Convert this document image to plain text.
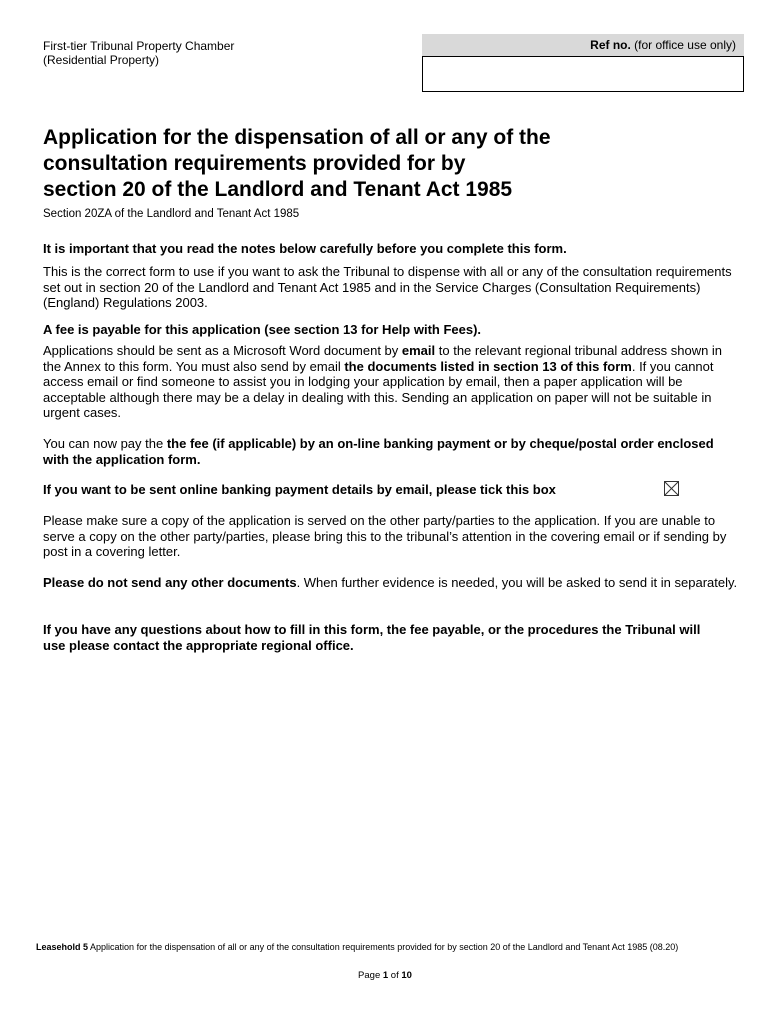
First-tier Tribunal Property Chamber
(Residential Property)
Ref no. (for office use only)
Application for the dispensation of all or any of the
consultation requirements provided for by
section 20 of the Landlord and Tenant Act 1985
Section 20ZA of the Landlord and Tenant Act 1985

It is important that you read the notes below carefully before you complete this form.

This is the correct form to use if you want to ask the Tribunal to dispense with all or any of the consultation requirements set out in section 20 of the Landlord and Tenant Act 1985 and in the Service Charges (Consultation Requirements)(England) Regulations 2003.

A fee is payable for this application (see section 13 for Help with Fees).

Applications should be sent as a Microsoft Word document by email to the relevant regional tribunal address shown in the Annex to this form. You must also send by email the documents listed in section 13 of this form. If you cannot access email or find someone to assist you in lodging your application by email, then a paper application will be acceptable although there may be a delay in dealing with this. Sending an application on paper will not be suitable in urgent cases.

You can now pay the the fee (if applicable) by an on-line banking payment or by cheque/postal order enclosed with the application form.

If you want to be sent online banking payment details by email, please tick this box

Please make sure a copy of the application is served on the other party/parties to the application. If you are unable to serve a copy on the other party/parties, please bring this to the tribunal’s attention in the covering email or if sending by post in a covering letter.

Please do not send any other documents. When further evidence is needed, you will be asked to send it in separately.

If you have any questions about how to fill in this form, the fee payable, or the procedures the Tribunal will use please contact the appropriate regional office.

Leasehold 5 Application for the dispensation of all or any of the consultation requirements provided for by section 20 of the Landlord and Tenant Act 1985 (08.20)
Page 1 of 10
